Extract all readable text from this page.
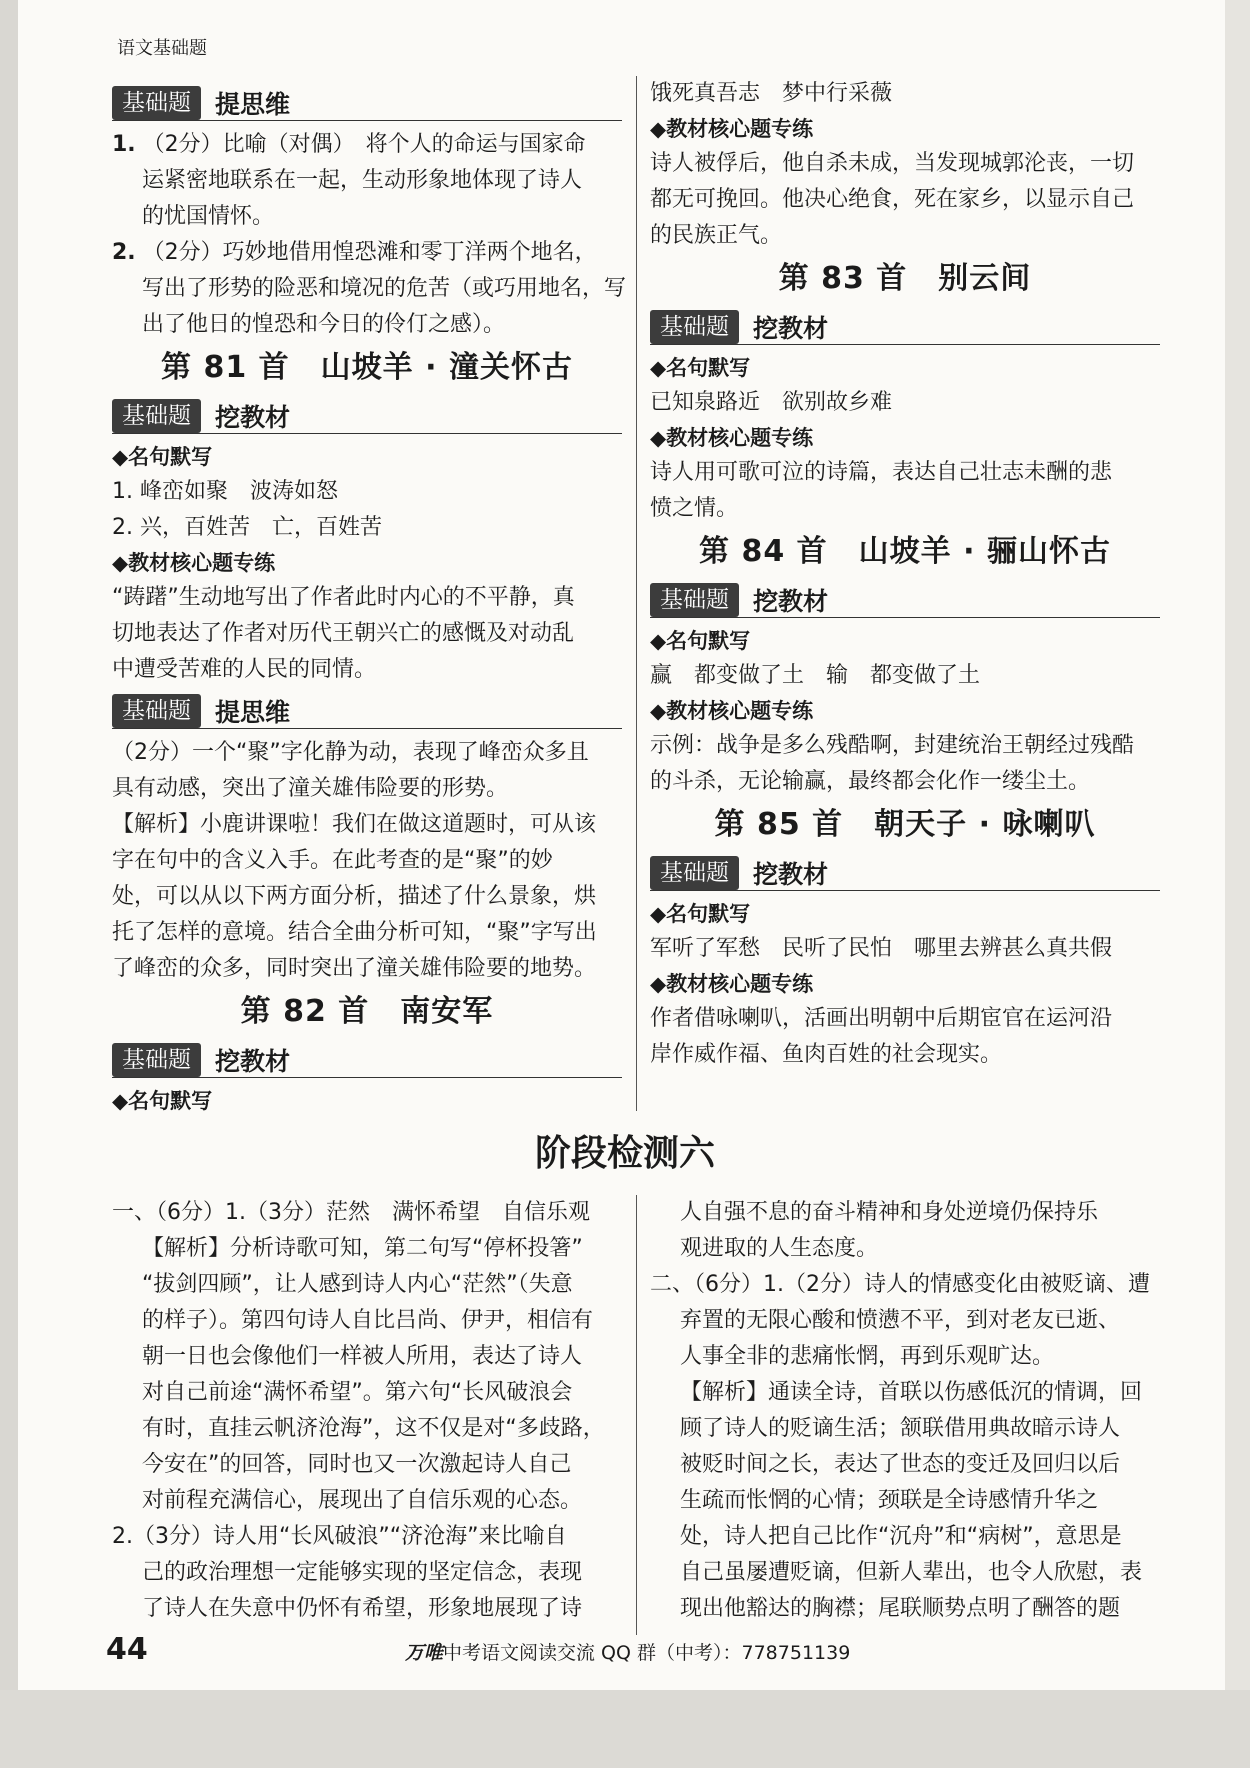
语文基础题
基础题 提思维
1. （2分）比喻（对偶）　将个人的命运与国家命
运紧密地联系在一起，生动形象地体现了诗人
的忧国情怀。
2. （2分）巧妙地借用惶恐滩和零丁洋两个地名，
写出了形势的险恶和境况的危苦（或巧用地名，写
出了他日的惶恐和今日的伶仃之感）。
第 81 首　山坡羊 · 潼关怀古
基础题 挖教材
◆名句默写
1. 峰峦如聚　波涛如怒
2. 兴，百姓苦　亡，百姓苦
◆教材核心题专练
“踌躇”生动地写出了作者此时内心的不平静，真
切地表达了作者对历代王朝兴亡的感慨及对动乱
中遭受苦难的人民的同情。
基础题 提思维
（2分）一个“聚”字化静为动，表现了峰峦众多且
具有动感，突出了潼关雄伟险要的形势。
【解析】小鹿讲课啦！我们在做这道题时，可从该
字在句中的含义入手。在此考查的是“聚”的妙
处，可以从以下两方面分析，描述了什么景象，烘
托了怎样的意境。结合全曲分析可知，“聚”字写出
了峰峦的众多，同时突出了潼关雄伟险要的地势。
第 82 首　南安军
基础题 挖教材
◆名句默写
饿死真吾志　梦中行采薇
◆教材核心题专练
诗人被俘后，他自杀未成，当发现城郭沦丧，一切
都无可挽回。他决心绝食，死在家乡，以显示自己
的民族正气。
第 83 首　别云间
基础题 挖教材
◆名句默写
已知泉路近　欲别故乡难
◆教材核心题专练
诗人用可歌可泣的诗篇，表达自己壮志未酬的悲
愤之情。
第 84 首　山坡羊 · 骊山怀古
基础题 挖教材
◆名句默写
赢　都变做了土　输　都变做了土
◆教材核心题专练
示例：战争是多么残酷啊，封建统治王朝经过残酷
的斗杀，无论输赢，最终都会化作一缕尘土。
第 85 首　朝天子 · 咏喇叭
基础题 挖教材
◆名句默写
军听了军愁　民听了民怕　哪里去辨甚么真共假
◆教材核心题专练
作者借咏喇叭，活画出明朝中后期宦官在运河沿
岸作威作福、鱼肉百姓的社会现实。
阶段检测六
一、（6分）1.（3分）茫然　满怀希望　自信乐观
【解析】分析诗歌可知，第二句写“停杯投箸”
“拔剑四顾”，让人感到诗人内心“茫然”（失意
的样子）。第四句诗人自比吕尚、伊尹，相信有
朝一日也会像他们一样被人所用，表达了诗人
对自己前途“满怀希望”。第六句“长风破浪会
有时，直挂云帆济沧海”，这不仅是对“多歧路，
今安在”的回答，同时也又一次激起诗人自己
对前程充满信心，展现出了自信乐观的心态。
2.（3分）诗人用“长风破浪”“济沧海”来比喻自
己的政治理想一定能够实现的坚定信念，表现
了诗人在失意中仍怀有希望，形象地展现了诗
人自强不息的奋斗精神和身处逆境仍保持乐
观进取的人生态度。
二、（6分）1.（2分）诗人的情感变化由被贬谪、遭
弃置的无限心酸和愤懑不平，到对老友已逝、
人事全非的悲痛怅惘，再到乐观旷达。
【解析】通读全诗，首联以伤感低沉的情调，回
顾了诗人的贬谪生活；颔联借用典故暗示诗人
被贬时间之长，表达了世态的变迁及回归以后
生疏而怅惘的心情；颈联是全诗感情升华之
处，诗人把自己比作“沉舟”和“病树”，意思是
自己虽屡遭贬谪，但新人辈出，也令人欣慰，表
现出他豁达的胸襟；尾联顺势点明了酬答的题
44	万唯中考语文阅读交流 QQ 群（中考）：778751139
